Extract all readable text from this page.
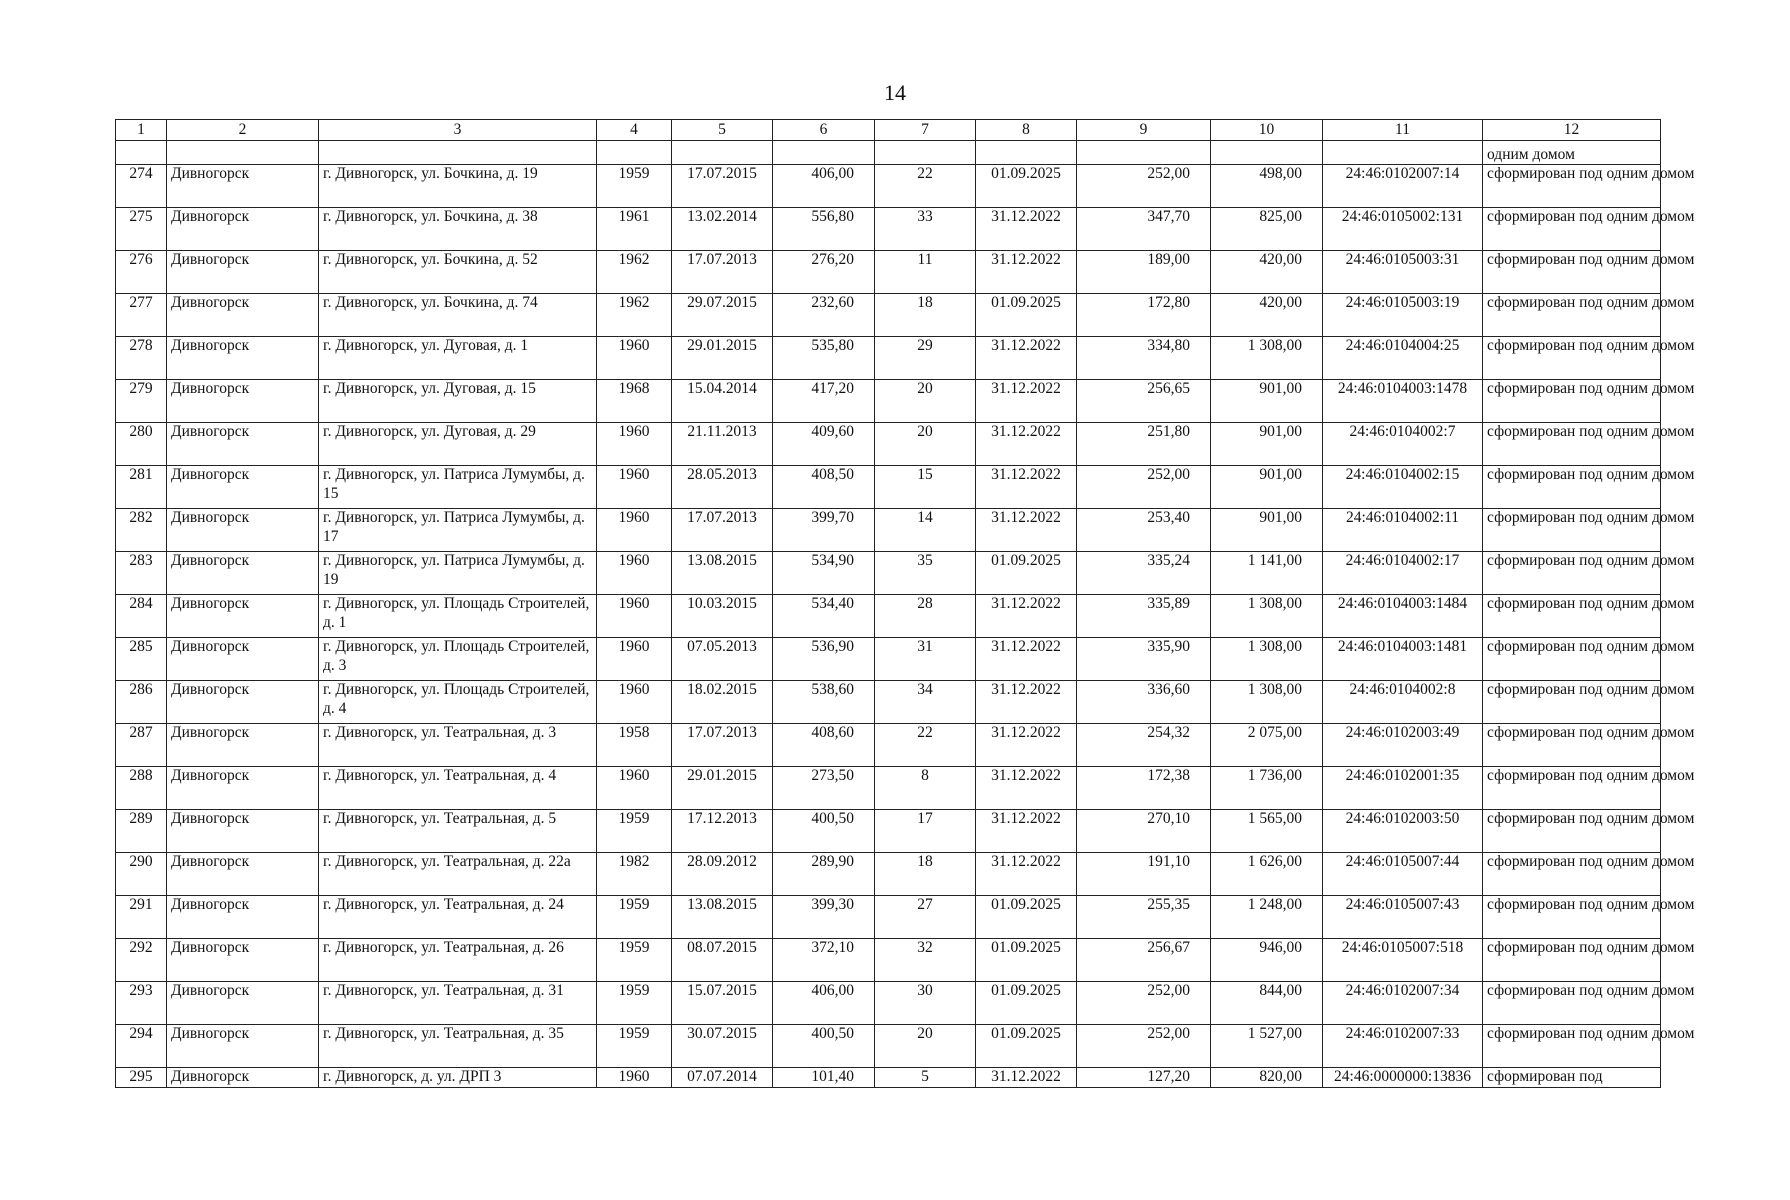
14
1	2	3	4	5	6	7	8	9	10	11	12
											одним домом
274	Дивногорск	г. Дивногорск, ул. Бочкина, д. 19	1959	17.07.2015	406,00	22	01.09.2025	252,00	498,00	24:46:0102007:14	сформирован под одним домом
275	Дивногорск	г. Дивногорск, ул. Бочкина, д. 38	1961	13.02.2014	556,80	33	31.12.2022	347,70	825,00	24:46:0105002:131	сформирован под одним домом
276	Дивногорск	г. Дивногорск, ул. Бочкина, д. 52	1962	17.07.2013	276,20	11	31.12.2022	189,00	420,00	24:46:0105003:31	сформирован под одним домом
277	Дивногорск	г. Дивногорск, ул. Бочкина, д. 74	1962	29.07.2015	232,60	18	01.09.2025	172,80	420,00	24:46:0105003:19	сформирован под одним домом
278	Дивногорск	г. Дивногорск, ул. Дуговая, д. 1	1960	29.01.2015	535,80	29	31.12.2022	334,80	1 308,00	24:46:0104004:25	сформирован под одним домом
279	Дивногорск	г. Дивногорск, ул. Дуговая, д. 15	1968	15.04.2014	417,20	20	31.12.2022	256,65	901,00	24:46:0104003:1478	сформирован под одним домом
280	Дивногорск	г. Дивногорск, ул. Дуговая, д. 29	1960	21.11.2013	409,60	20	31.12.2022	251,80	901,00	24:46:0104002:7	сформирован под одним домом
281	Дивногорск	г. Дивногорск, ул. Патриса Лумумбы, д. 15	1960	28.05.2013	408,50	15	31.12.2022	252,00	901,00	24:46:0104002:15	сформирован под одним домом
282	Дивногорск	г. Дивногорск, ул. Патриса Лумумбы, д. 17	1960	17.07.2013	399,70	14	31.12.2022	253,40	901,00	24:46:0104002:11	сформирован под одним домом
283	Дивногорск	г. Дивногорск, ул. Патриса Лумумбы, д. 19	1960	13.08.2015	534,90	35	01.09.2025	335,24	1 141,00	24:46:0104002:17	сформирован под одним домом
284	Дивногорск	г. Дивногорск, ул. Площадь Строителей, д. 1	1960	10.03.2015	534,40	28	31.12.2022	335,89	1 308,00	24:46:0104003:1484	сформирован под одним домом
285	Дивногорск	г. Дивногорск, ул. Площадь Строителей, д. 3	1960	07.05.2013	536,90	31	31.12.2022	335,90	1 308,00	24:46:0104003:1481	сформирован под одним домом
286	Дивногорск	г. Дивногорск, ул. Площадь Строителей, д. 4	1960	18.02.2015	538,60	34	31.12.2022	336,60	1 308,00	24:46:0104002:8	сформирован под одним домом
287	Дивногорск	г. Дивногорск, ул. Театральная, д. 3	1958	17.07.2013	408,60	22	31.12.2022	254,32	2 075,00	24:46:0102003:49	сформирован под одним домом
288	Дивногорск	г. Дивногорск, ул. Театральная, д. 4	1960	29.01.2015	273,50	8	31.12.2022	172,38	1 736,00	24:46:0102001:35	сформирован под одним домом
289	Дивногорск	г. Дивногорск, ул. Театральная, д. 5	1959	17.12.2013	400,50	17	31.12.2022	270,10	1 565,00	24:46:0102003:50	сформирован под одним домом
290	Дивногорск	г. Дивногорск, ул. Театральная, д. 22а	1982	28.09.2012	289,90	18	31.12.2022	191,10	1 626,00	24:46:0105007:44	сформирован под одним домом
291	Дивногорск	г. Дивногорск, ул. Театральная, д. 24	1959	13.08.2015	399,30	27	01.09.2025	255,35	1 248,00	24:46:0105007:43	сформирован под одним домом
292	Дивногорск	г. Дивногорск, ул. Театральная, д. 26	1959	08.07.2015	372,10	32	01.09.2025	256,67	946,00	24:46:0105007:518	сформирован под одним домом
293	Дивногорск	г. Дивногорск, ул. Театральная, д. 31	1959	15.07.2015	406,00	30	01.09.2025	252,00	844,00	24:46:0102007:34	сформирован под одним домом
294	Дивногорск	г. Дивногорск, ул. Театральная, д. 35	1959	30.07.2015	400,50	20	01.09.2025	252,00	1 527,00	24:46:0102007:33	сформирован под одним домом
295	Дивногорск	г. Дивногорск, д. ул. ДРП 3	1960	07.07.2014	101,40	5	31.12.2022	127,20	820,00	24:46:0000000:13836	сформирован под
